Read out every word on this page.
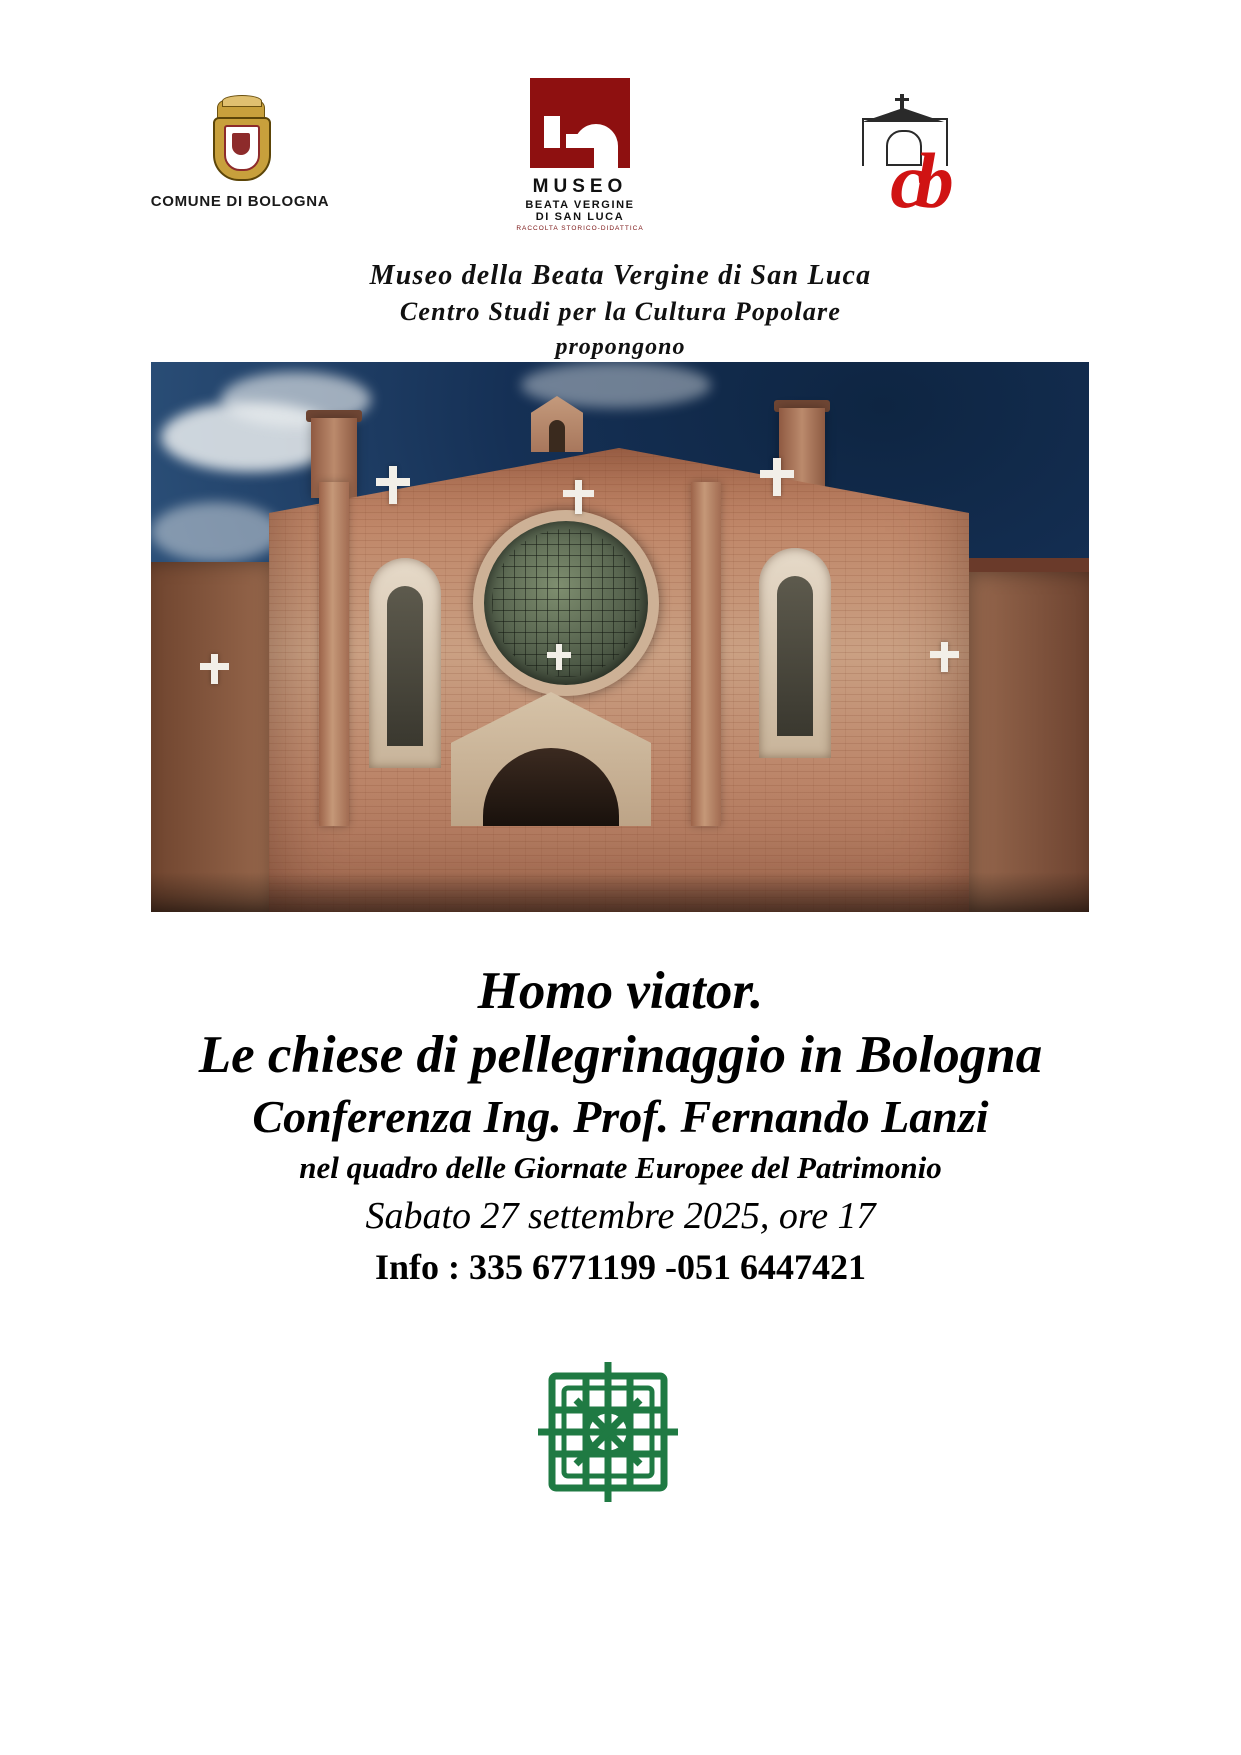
COMUNE DI BOLOGNA
MUSEO
BEATA VERGINE
DI SAN LUCA
RACCOLTA STORICO-DIDATTICA
cb
Museo della Beata Vergine di San Luca
Centro Studi per la Cultura Popolare
propongono
Homo viator.
Le chiese di pellegrinaggio in Bologna
Conferenza Ing. Prof. Fernando Lanzi
nel quadro delle Giornate Europee del Patrimonio
Sabato 27 settembre 2025, ore 17
Info : 335 6771199 -051 6447421
